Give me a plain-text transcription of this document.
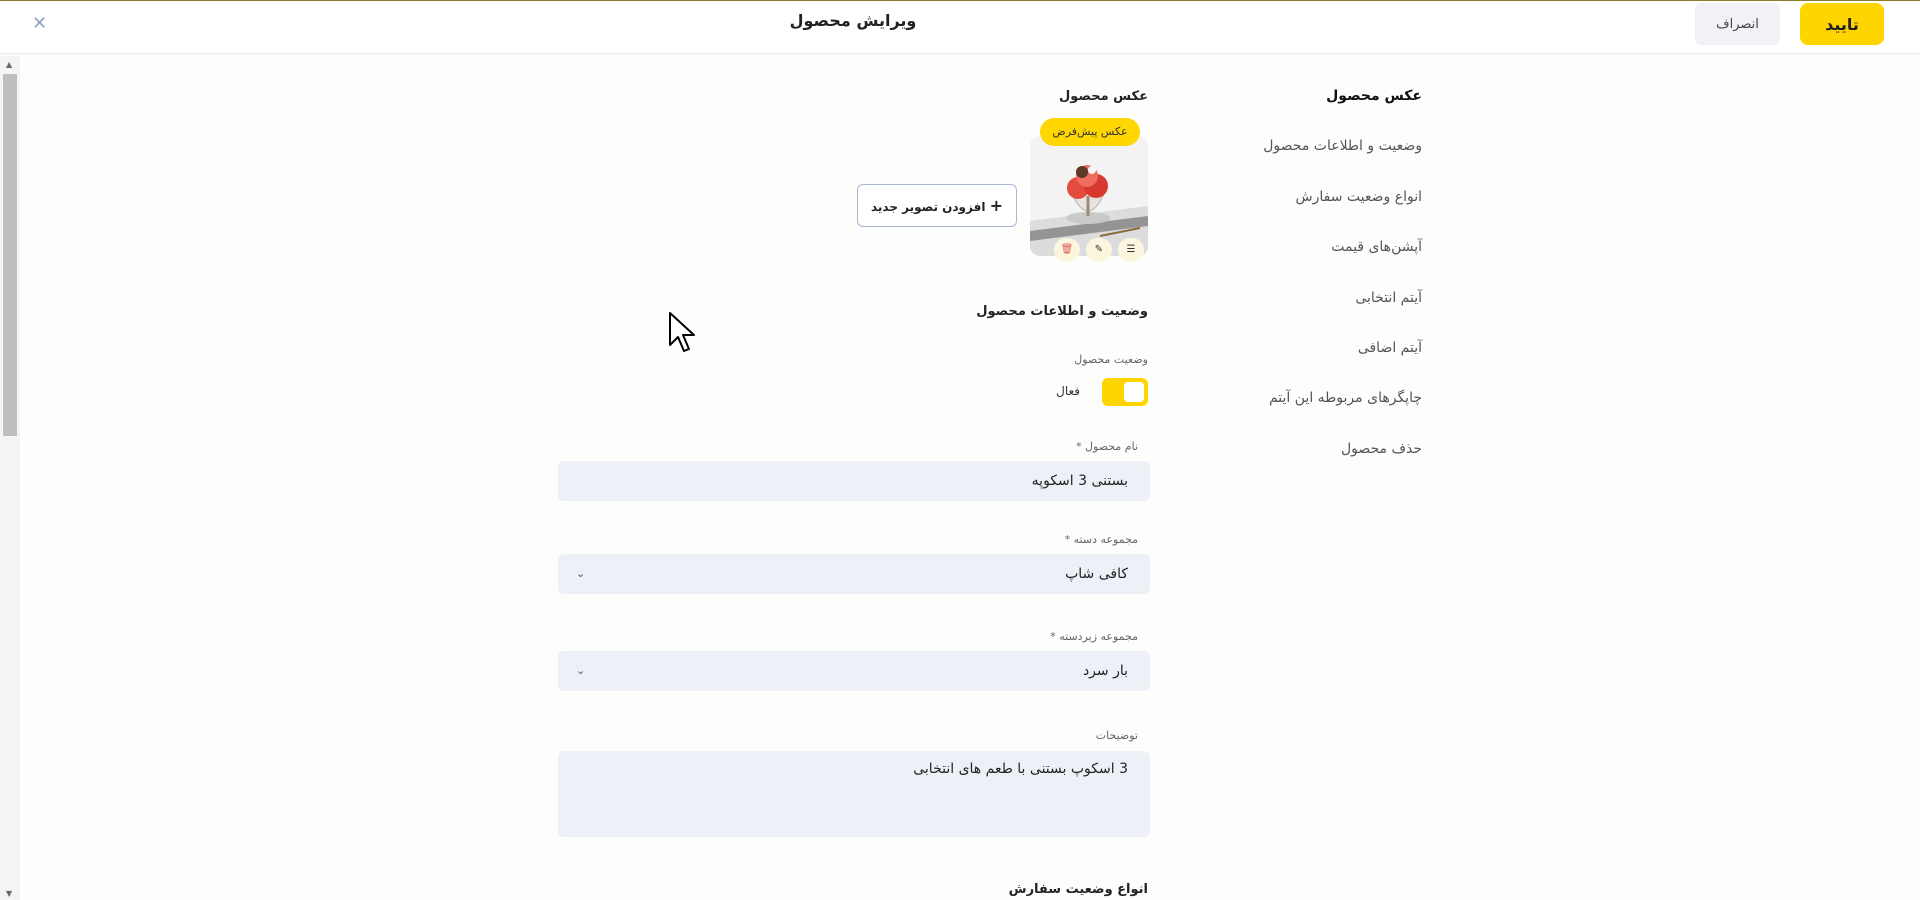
✕	ویرایش محصول	انصراف	تایید
▲
▼
عکس محصول
وضعیت و اطلاعات محصول
انواع وضعیت سفارش
آپشن‌های قیمت
آیتم انتخابی
آیتم اضافی
چاپگرهای مربوطه این آیتم
حذف محصول
عکس محصول
عکس پیش‌فرض
☰
✎
🗑
+ افزودن تصویر جدید
وضعیت و اطلاعات محصول
وضعیت محصول
فعال
نام محصول *
بستنی 3 اسکوپه
مجموعه دسته *
کافی شاپ
⌄
مجموعه زیردسته *
بار سرد
⌄
توضیحات
3 اسکوپ بستنی با طعم های انتخابی
انواع وضعیت سفارش
